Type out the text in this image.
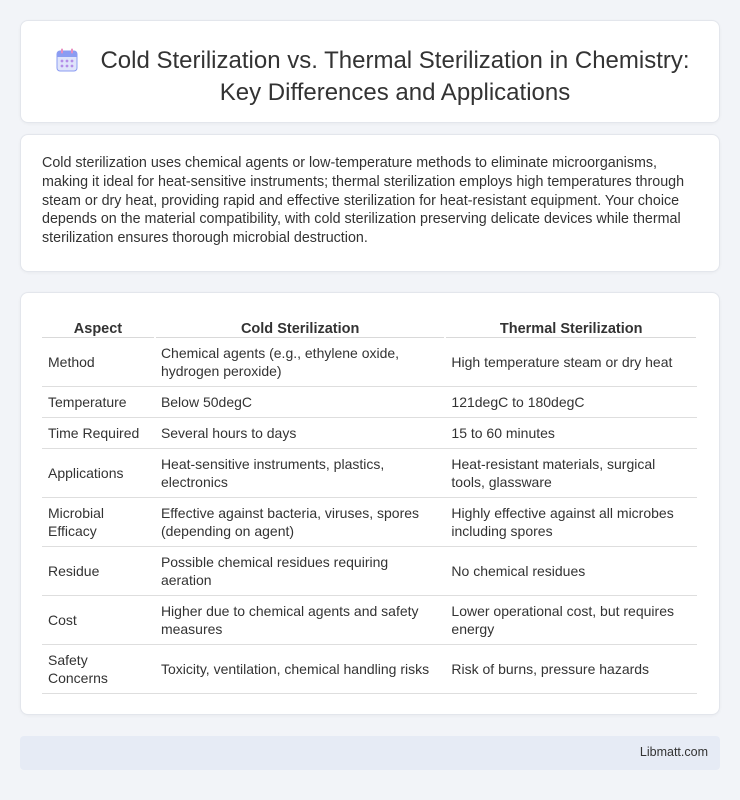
Cold Sterilization vs. Thermal Sterilization in Chemistry: Key Differences and Applications

Cold sterilization uses chemical agents or low-temperature methods to eliminate microorganisms, making it ideal for heat-sensitive instruments; thermal sterilization employs high temperatures through steam or dry heat, providing rapid and effective sterilization for heat-resistant equipment. Your choice depends on the material compatibility, with cold sterilization preserving delicate devices while thermal sterilization ensures thorough microbial destruction.

Aspect	Cold Sterilization	Thermal Sterilization
Method	Chemical agents (e.g., ethylene oxide, hydrogen peroxide)	High temperature steam or dry heat
Temperature	Below 50degC	121degC to 180degC
Time Required	Several hours to days	15 to 60 minutes
Applications	Heat-sensitive instruments, plastics, electronics	Heat-resistant materials, surgical tools, glassware
Microbial Efficacy	Effective against bacteria, viruses, spores (depending on agent)	Highly effective against all microbes including spores
Residue	Possible chemical residues requiring aeration	No chemical residues
Cost	Higher due to chemical agents and safety measures	Lower operational cost, but requires energy
Safety Concerns	Toxicity, ventilation, chemical handling risks	Risk of burns, pressure hazards
Libmatt.com
